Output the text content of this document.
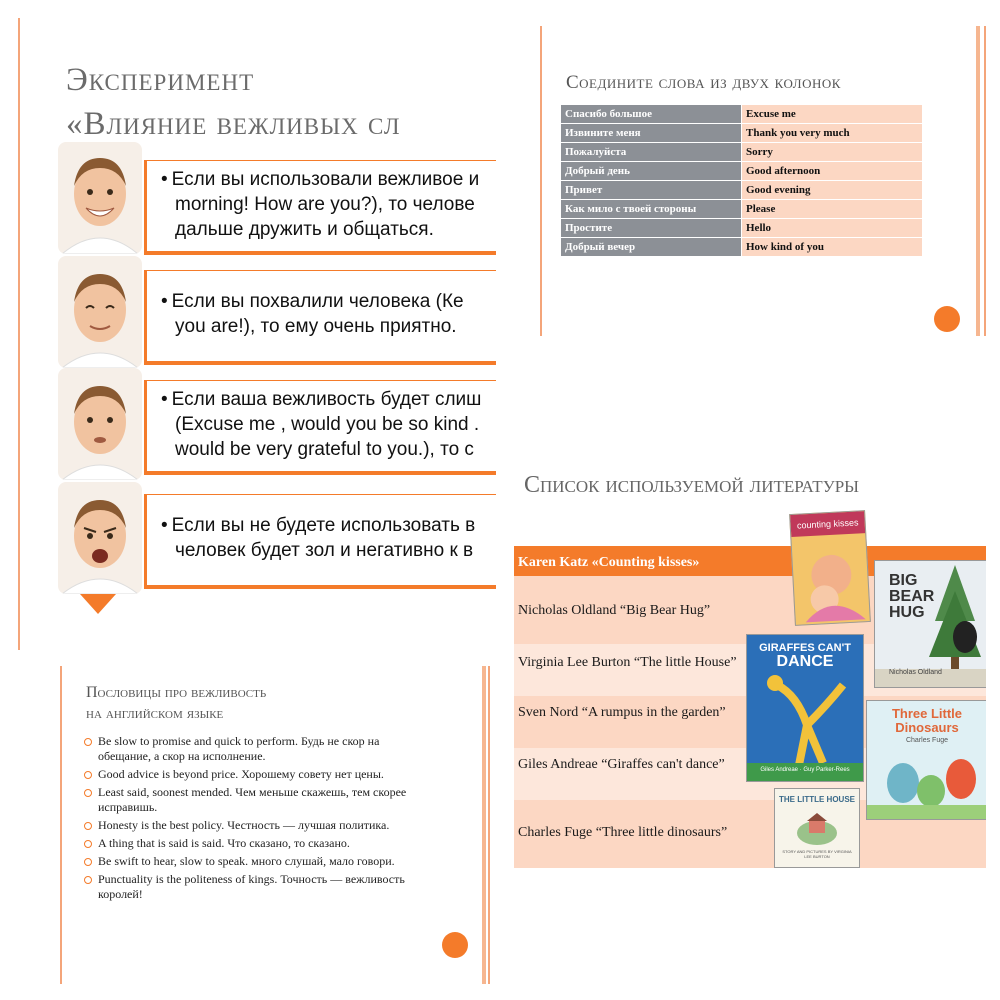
Эксперимент
«Влияние вежливых сл
• Если вы использовали вежливое и
morning! How are you?), то челове
дальше дружить и общаться.
• Если вы похвалили человека (Ке
you are!), то ему очень приятно.
• Если ваша вежливость будет слиш
(Excuse me , would you be so kind .
would be very grateful to you.), то с
• Если вы не будете использовать в
человек будет зол и негативно к в
Соедините слова из двух колонок
Спасибо большое	Excuse me
Извините меня	Thank you very much
Пожалуйста	Sorry
Добрый день	Good afternoon
Привет	Good evening
Как мило с твоей стороны	Please
Простите	Hello
Добрый вечер	How kind of you
Пословицы про вежливость
на английском языке
Be slow to promise and quick to perform. Будь не скор на обещание, а скор на исполнение.
Good advice is beyond price. Хорошему совету нет цены.
Least said, soonest mended. Чем меньше скажешь, тем скорее исправишь.
Honesty is the best policy. Честность — лучшая политика.
A thing that is said is said. Что сказано, то сказано.
Be swift to hear, slow to speak. много слушай, мало говори.
Punctuality is the politeness of kings. Точность — вежливость королей!
Список используемой литературы
Karen Katz «Counting kisses»
Nicholas Oldland “Big Bear Hug”
Virginia Lee Burton “The little House”
Sven Nord “A rumpus in the garden”
Giles Andreae “Giraffes can't dance”
Charles Fuge “Three little dinosaurs”
counting kisses
BIG
BEAR
HUG
Nicholas Oldland
GIRAFFES CAN'T
DANCE
Giles Andreae · Guy Parker-Rees
Three Little
Dinosaurs
Charles Fuge
THE LITTLE HOUSE
STORY AND PICTURES BY VIRGINIA LEE BURTON
